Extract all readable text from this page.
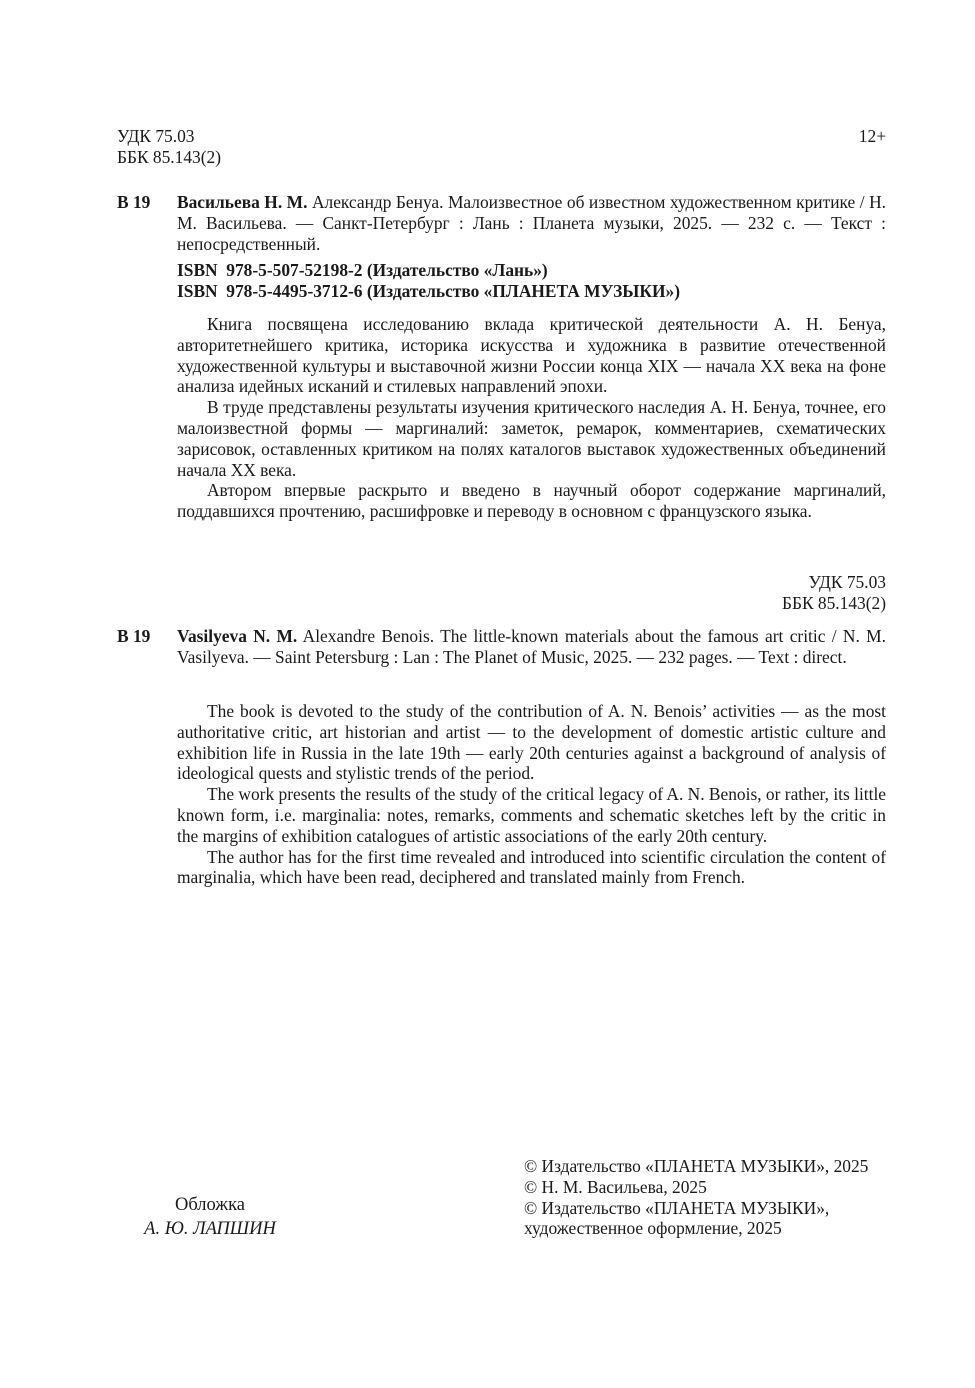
УДК 75.03
ББК 85.143(2)
12+
В 19 Васильева Н. М. Александр Бенуа. Малоизвестное об известном художественном критике / Н. М. Васильева. — Санкт-Петербург : Лань : Планета музыки, 2025. — 232 с. — Текст : непосредственный.
ISBN  978-5-507-52198-2 (Издательство «Лань»)
ISBN  978-5-4495-3712-6 (Издательство «ПЛАНЕТА МУЗЫКИ»)

Книга посвящена исследованию вклада критической деятельности А. Н. Бенуа, авторитетнейшего критика, историка искусства и художника в развитие отечественной художественной культуры и выставочной жизни России конца XIX — начала XX века на фоне анализа идейных исканий и стилевых направлений эпохи.

В труде представлены результаты изучения критического наследия А. Н. Бенуа, точнее, его малоизвестной формы — маргиналий: заметок, ремарок, комментариев, схематических зарисовок, оставленных критиком на полях каталогов выставок художественных объединений начала XX века.

Автором впервые раскрыто и введено в научный оборот содержание маргиналий, поддавшихся прочтению, расшифровке и переводу в основном с французского языка.

УДК 75.03
ББК 85.143(2)
В 19 Vasilyeva N. M. Alexandre Benois. The little-known materials about the famous art critic / N. M. Vasilyeva. — Saint Petersburg : Lan : The Planet of Music, 2025. — 232 pages. — Text : direct.

The book is devoted to the study of the contribution of A. N. Benois’ activities — as the most authoritative critic, art historian and artist — to the development of domestic artistic culture and exhibition life in Russia in the late 19th — early 20th centuries against a background of analysis of ideological quests and stylistic trends of the period.

The work presents the results of the study of the critical legacy of A. N. Benois, or rather, its little known form, i.e. marginalia: notes, remarks, comments and schematic sketches left by the critic in the margins of exhibition catalogues of artistic associations of the early 20th century.

The author has for the first time revealed and introduced into scientific circulation the content of marginalia, which have been read, deciphered and translated mainly from French.

Обложка
А. Ю. ЛАПШИН
© Издательство «ПЛАНЕТА МУЗЫКИ», 2025
© Н. М. Васильева, 2025
© Издательство «ПЛАНЕТА МУЗЫКИ»,
художественное оформление, 2025
